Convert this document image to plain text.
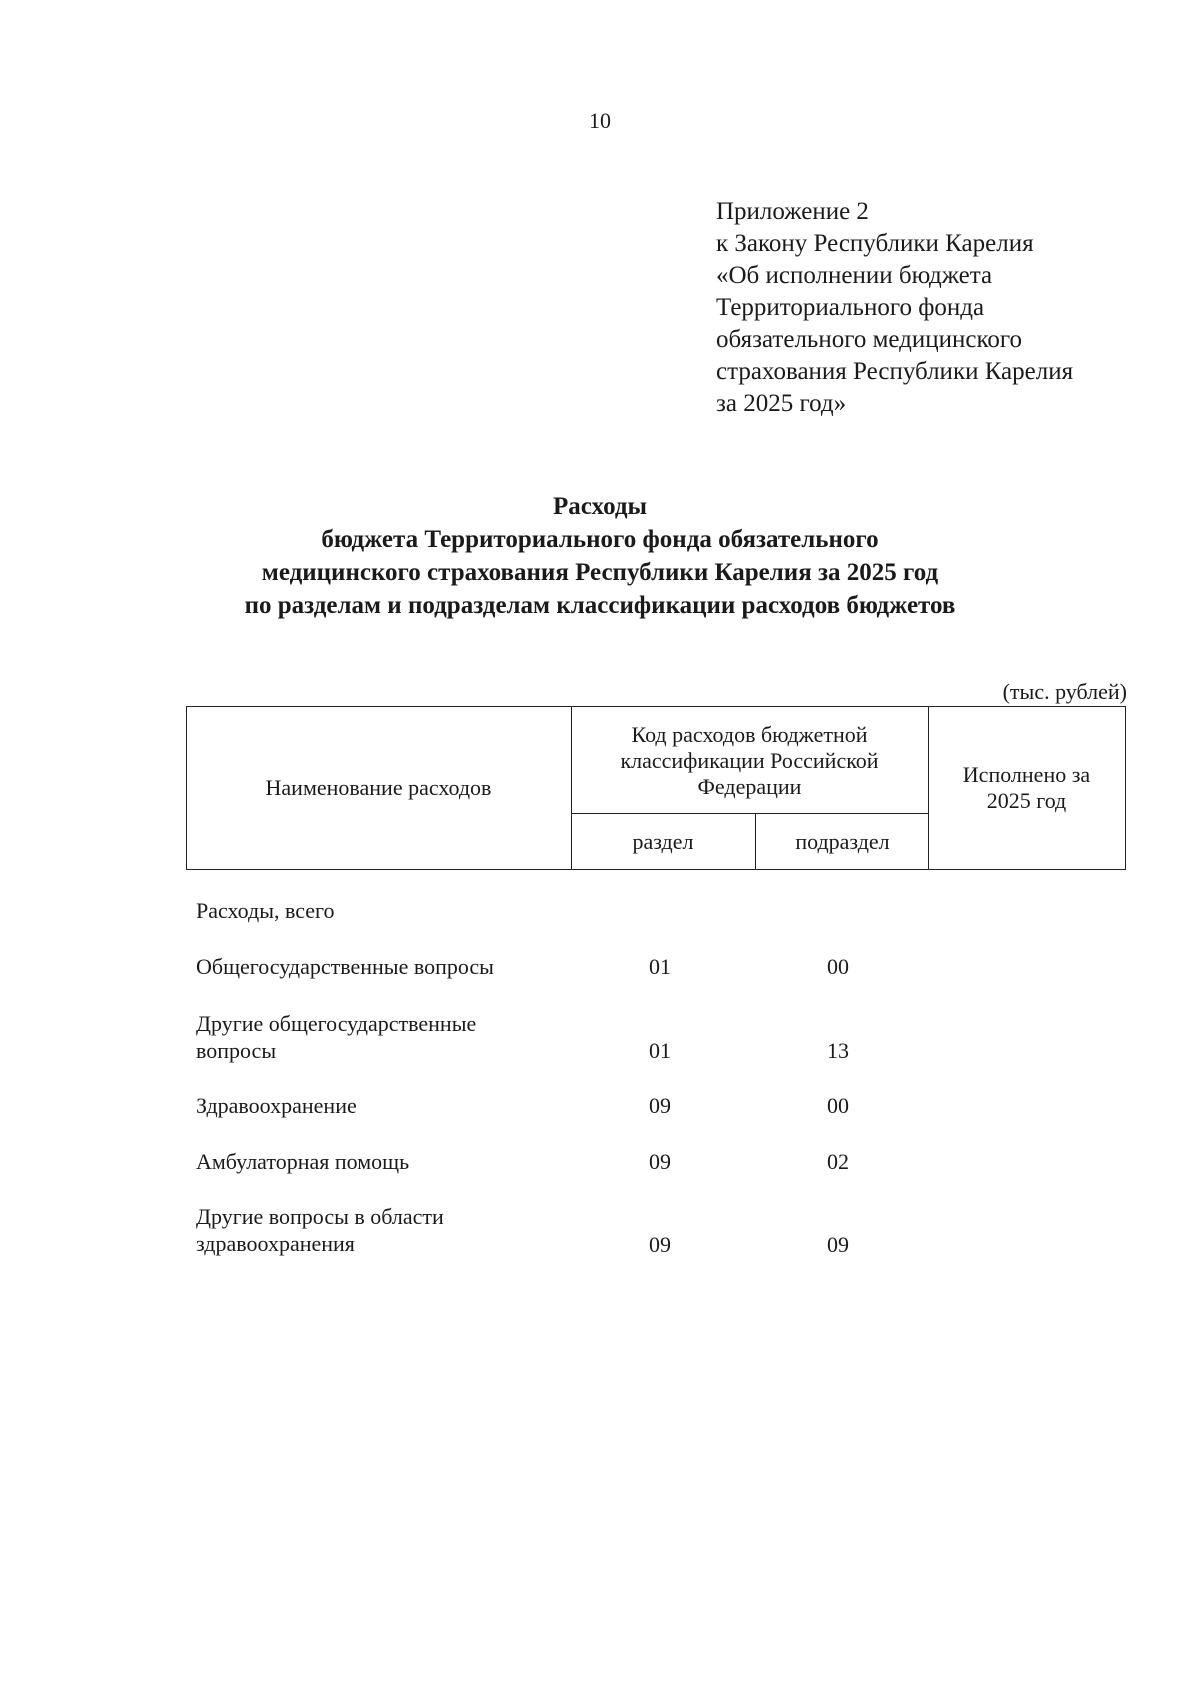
10
Приложение 2
к Закону Республики Карелия
«Об исполнении бюджета
Территориального фонда
обязательного медицинского
страхования Республики Карелия
за 2025 год»
Расходы
бюджета Территориального фонда обязательного
медицинского страхования Республики Карелия за 2025 год
по разделам и подразделам классификации расходов бюджетов
(тыс. рублей)
Наименование расходов
Код расходов бюджетной классификации Российской Федерации
раздел	подраздел
Исполнено за 2025 год
Расходы, всего
Общегосударственные вопросы	01	00
Другие общегосударственные вопросы	01	13
Здравоохранение	09	00
Амбулаторная помощь	09	02
Другие вопросы в области здравоохранения	09	09
